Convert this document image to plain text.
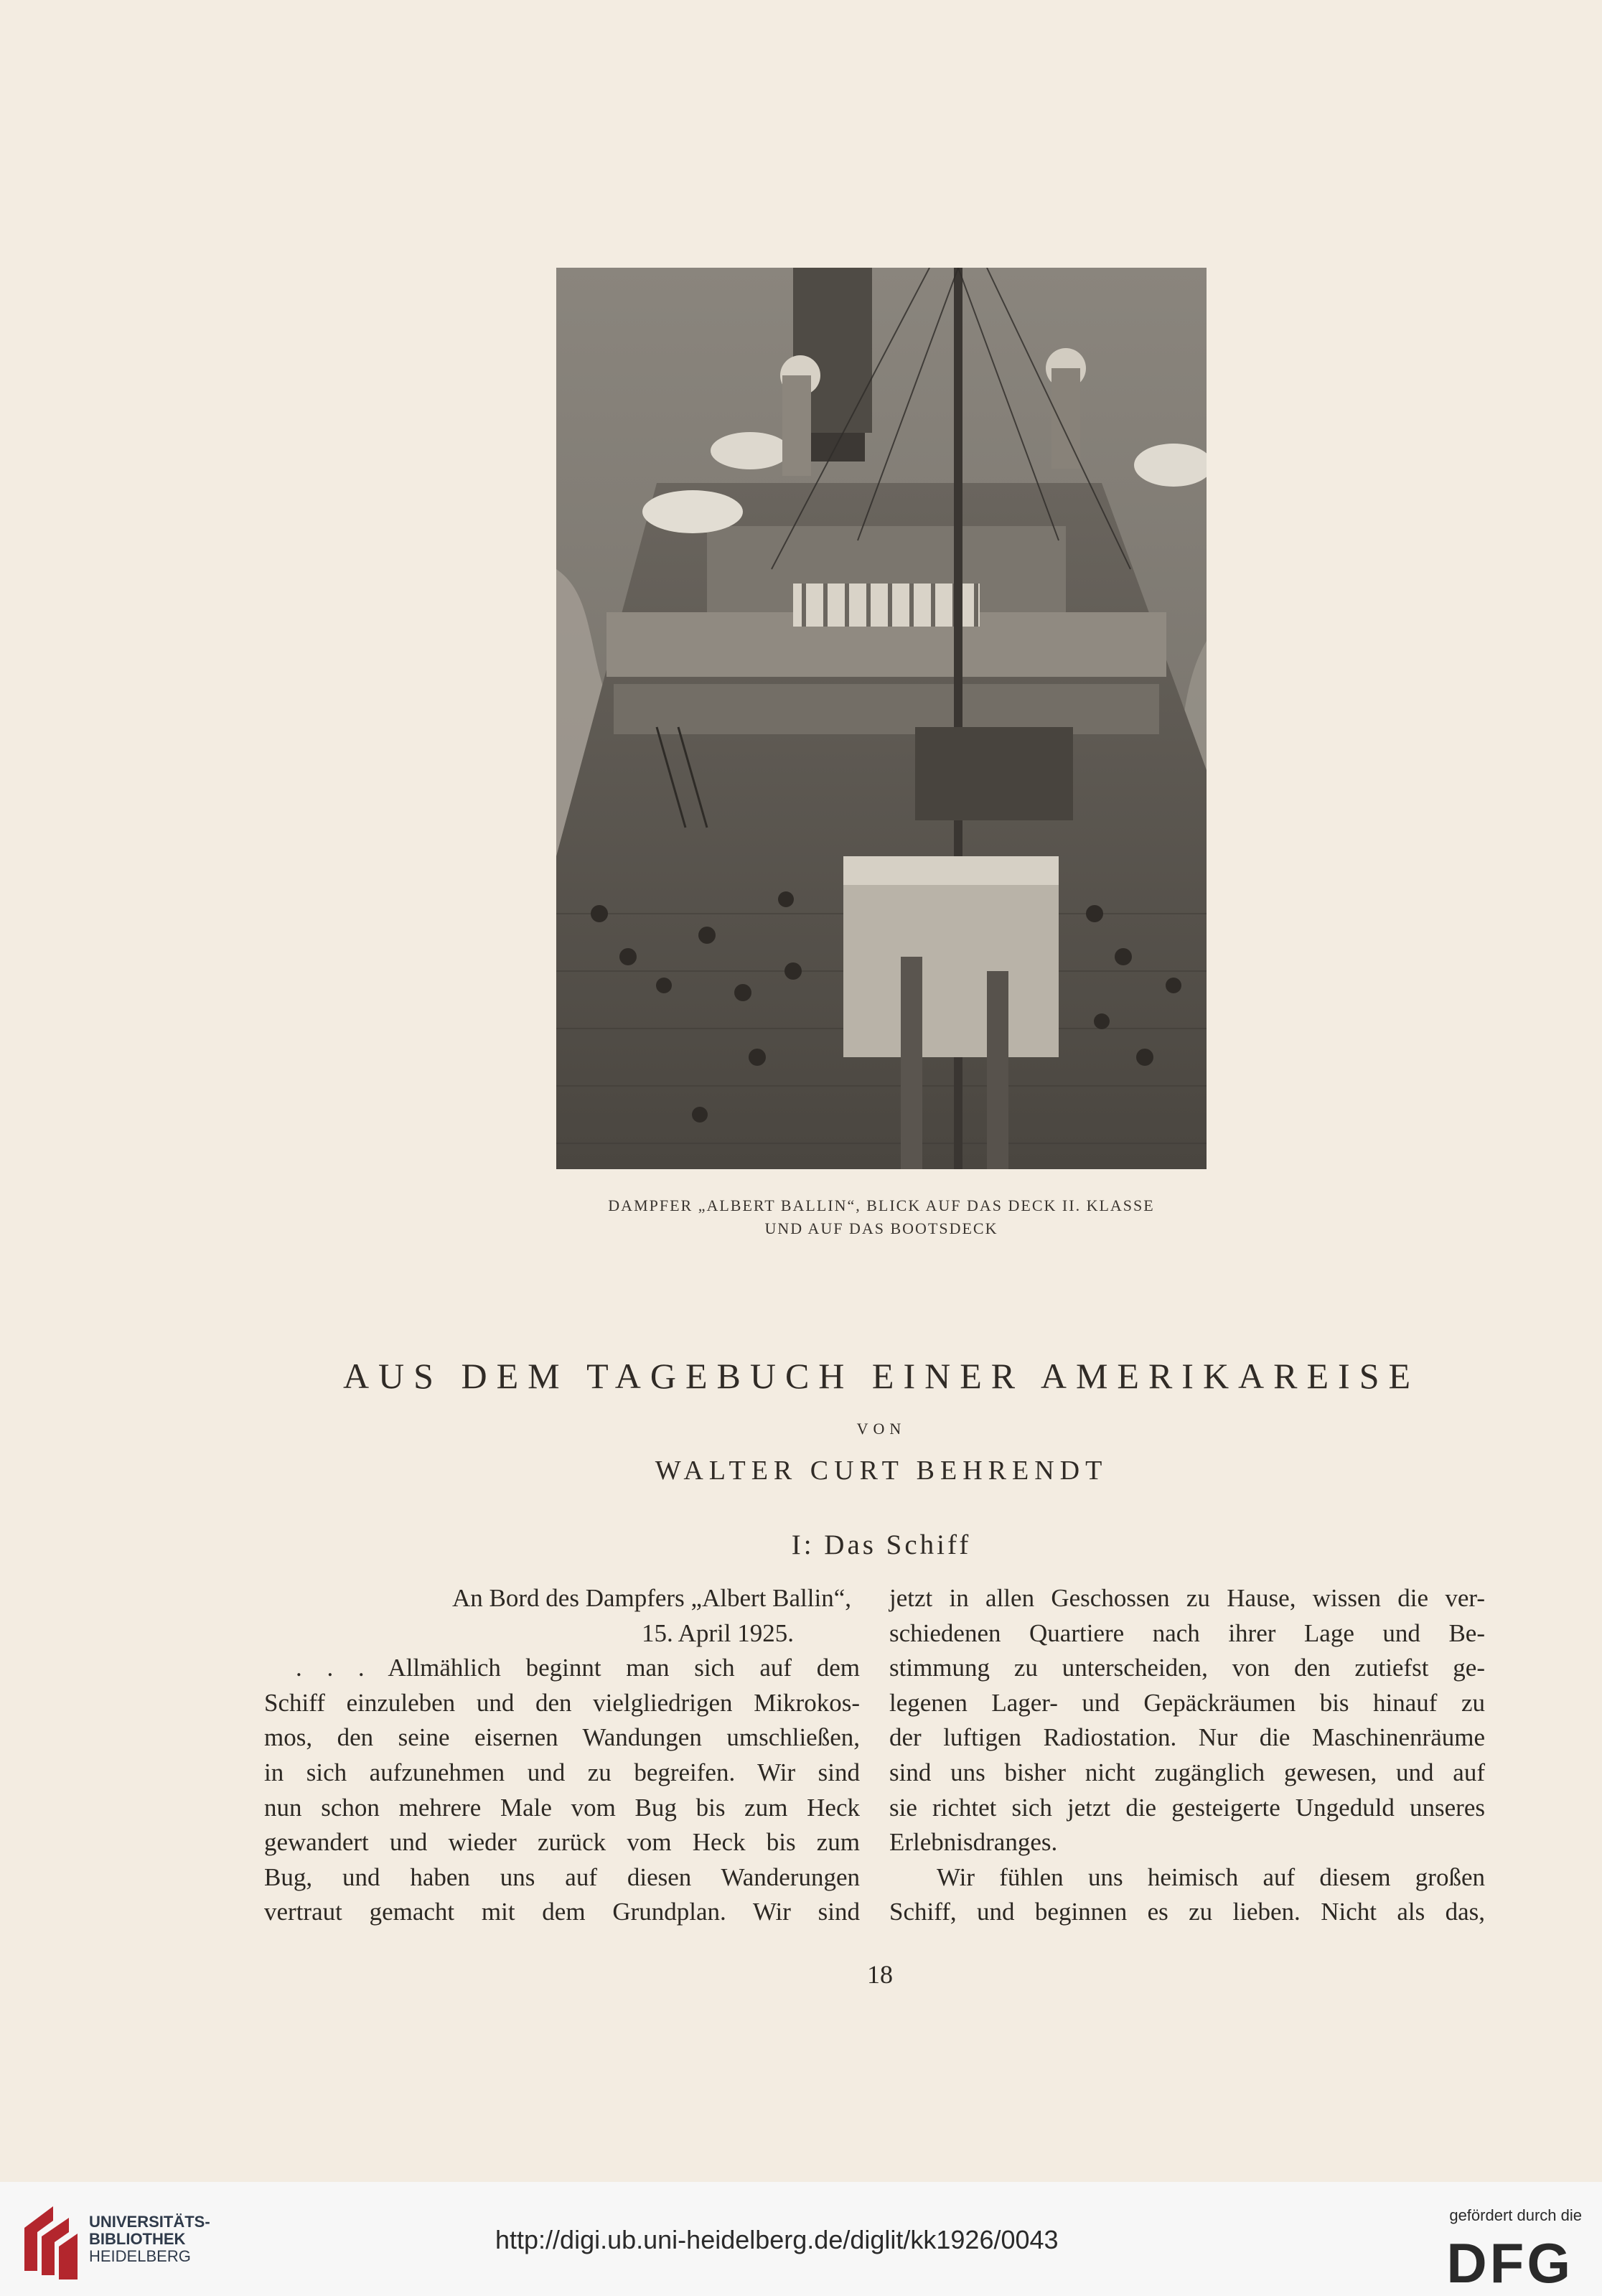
DAMPFER „ALBERT BALLIN“, BLICK AUF DAS DECK II. KLASSE
UND AUF DAS BOOTSDECK
AUS DEM TAGEBUCH EINER AMERIKAREISE
VON
WALTER CURT BEHRENDT
I: Das Schiff

An Bord des Dampfers „Albert Ballin“,

15. April 1925.

. . . Allmählich beginnt man sich auf dem

Schiff einzuleben und den vielgliedrigen Mikrokos-

mos, den seine eisernen Wandungen umschließen,

in sich aufzunehmen und zu begreifen. Wir sind

nun schon mehrere Male vom Bug bis zum Heck

gewandert und wieder zurück vom Heck bis zum

Bug, und haben uns auf diesen Wanderungen

vertraut gemacht mit dem Grundplan. Wir sind

jetzt in allen Geschossen zu Hause, wissen die ver-

schiedenen Quartiere nach ihrer Lage und Be-

stimmung zu unterscheiden, von den zutiefst ge-

legenen Lager- und Gepäckräumen bis hinauf zu

der luftigen Radiostation. Nur die Maschinenräume

sind uns bisher nicht zugänglich gewesen, und auf

sie richtet sich jetzt die gesteigerte Ungeduld unseres

Erlebnisdranges.

Wir fühlen uns heimisch auf diesem großen

Schiff, und beginnen es zu lieben. Nicht als das,

18
UNIVERSITÄTS-
BIBLIOTHEK
HEIDELBERG
http://digi.ub.uni-heidelberg.de/diglit/kk1926/0043
gefördert durch die
DFG
